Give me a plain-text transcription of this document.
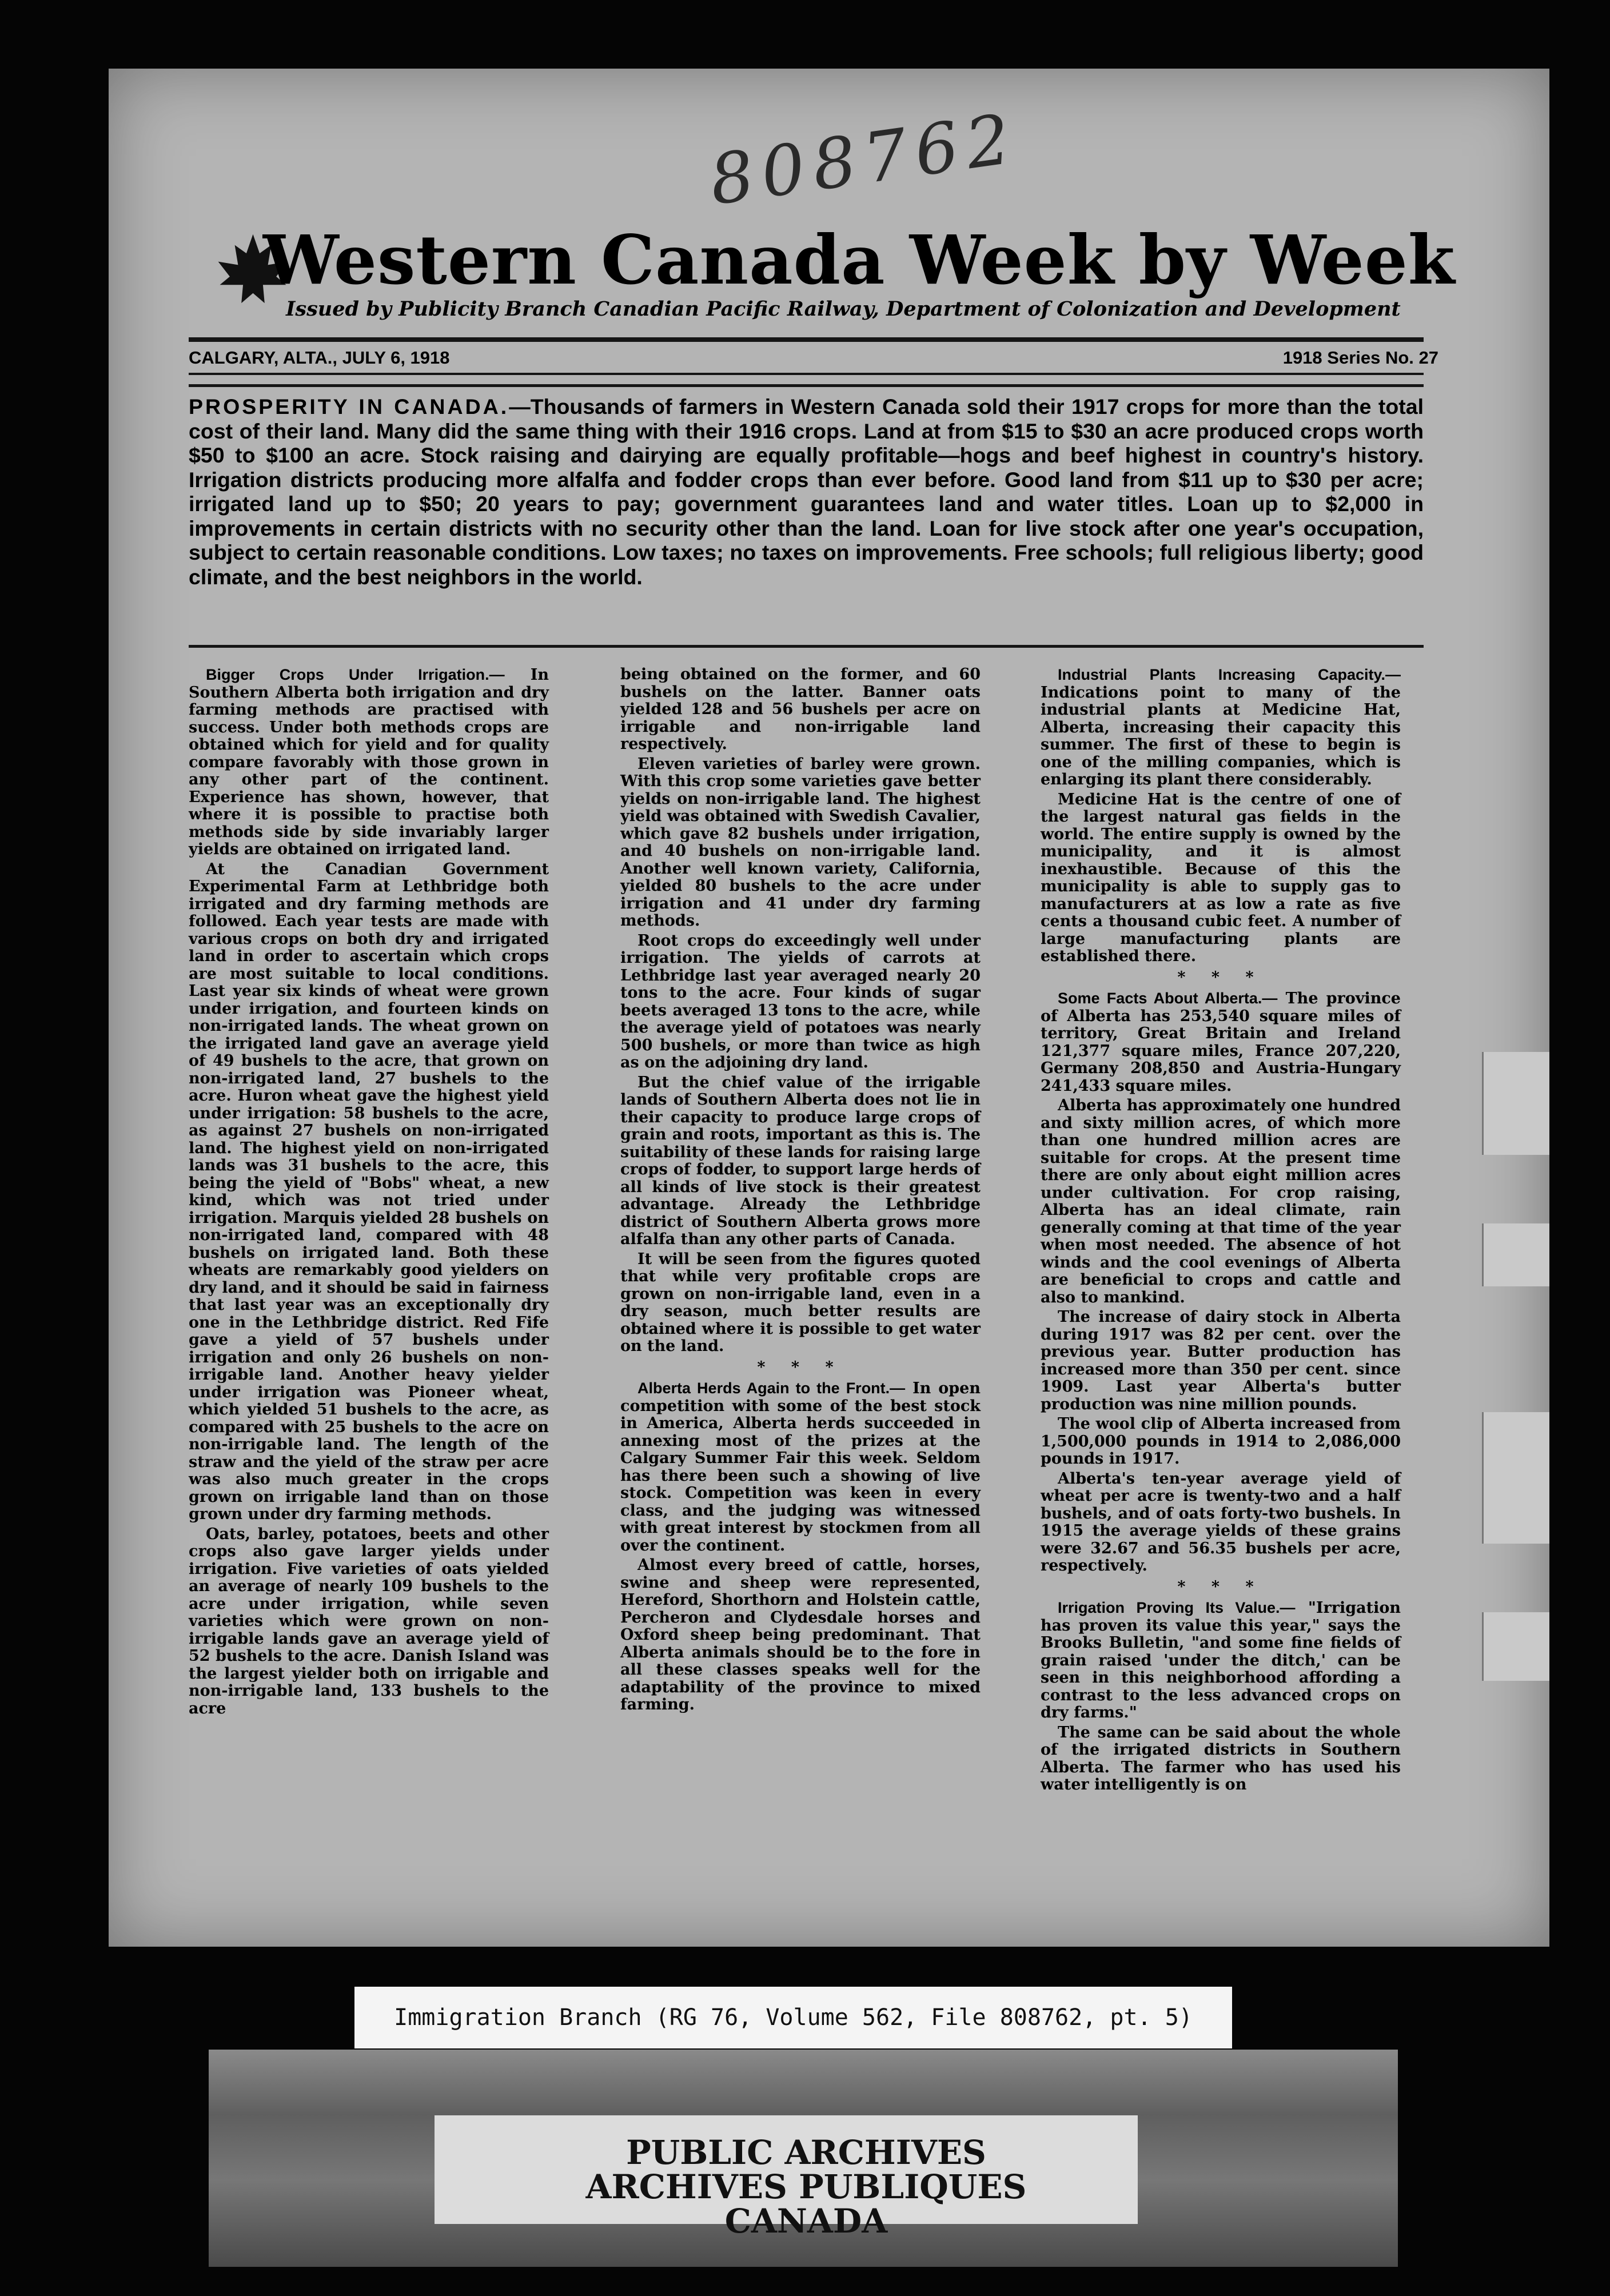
808762
Western Canada Week by Week
Issued by Publicity Branch Canadian Pacific Railway, Department of Colonization and Development
CALGARY, ALTA., JULY 6, 1918	1918 Series No. 27
PROSPERITY IN CANADA.—Thousands of farmers in Western Canada sold their 1917 crops for more than the total cost of their land. Many did the same thing with their 1916 crops. Land at from $15 to $30 an acre produced crops worth $50 to $100 an acre. Stock raising and dairying are equally profitable—hogs and beef highest in country's history. Irrigation districts producing more alfalfa and fodder crops than ever before. Good land from $11 up to $30 per acre; irrigated land up to $50; 20 years to pay; government guarantees land and water titles. Loan up to $2,000 in improvements in certain districts with no security other than the land. Loan for live stock after one year's occupation, subject to certain reasonable conditions. Low taxes; no taxes on improvements. Free schools; full religious liberty; good climate, and the best neighbors in the world.

Bigger Crops Under Irrigation.— In Southern Alberta both irrigation and dry farming methods are practised with success. Under both methods crops are obtained which for yield and for quality compare favorably with those grown in any other part of the continent. Experience has shown, however, that where it is possible to practise both methods side by side invariably larger yields are obtained on irrigated land.

At the Canadian Government Experimental Farm at Lethbridge both irrigated and dry farming methods are followed. Each year tests are made with various crops on both dry and irrigated land in order to ascertain which crops are most suitable to local conditions. Last year six kinds of wheat were grown under irrigation, and fourteen kinds on non-irrigated lands. The wheat grown on the irrigated land gave an average yield of 49 bushels to the acre, that grown on non-irrigated land, 27 bushels to the acre. Huron wheat gave the highest yield under irrigation: 58 bushels to the acre, as against 27 bushels on non-irrigated land. The highest yield on non-irrigated lands was 31 bushels to the acre, this being the yield of "Bobs" wheat, a new kind, which was not tried under irrigation. Marquis yielded 28 bushels on non-irrigated land, compared with 48 bushels on irrigated land. Both these wheats are remarkably good yielders on dry land, and it should be said in fairness that last year was an exceptionally dry one in the Lethbridge district. Red Fife gave a yield of 57 bushels under irrigation and only 26 bushels on non-irrigable land. Another heavy yielder under irrigation was Pioneer wheat, which yielded 51 bushels to the acre, as compared with 25 bushels to the acre on non-irrigable land. The length of the straw and the yield of the straw per acre was also much greater in the crops grown on irrigable land than on those grown under dry farming methods.

Oats, barley, potatoes, beets and other crops also gave larger yields under irrigation. Five varieties of oats yielded an average of nearly 109 bushels to the acre under irrigation, while seven varieties which were grown on non-irrigable lands gave an average yield of 52 bushels to the acre. Danish Island was the largest yielder both on irrigable and non-irrigable land, 133 bushels to the acre

being obtained on the former, and 60 bushels on the latter. Banner oats yielded 128 and 56 bushels per acre on irrigable and non-irrigable land respectively.

Eleven varieties of barley were grown. With this crop some varieties gave better yields on non-irrigable land. The highest yield was obtained with Swedish Cavalier, which gave 82 bushels under irrigation, and 40 bushels on non-irrigable land. Another well known variety, California, yielded 80 bushels to the acre under irrigation and 41 under dry farming methods.

Root crops do exceedingly well under irrigation. The yields of carrots at Lethbridge last year averaged nearly 20 tons to the acre. Four kinds of sugar beets averaged 13 tons to the acre, while the average yield of potatoes was nearly 500 bushels, or more than twice as high as on the adjoining dry land.

But the chief value of the irrigable lands of Southern Alberta does not lie in their capacity to produce large crops of grain and roots, important as this is. The suitability of these lands for raising large crops of fodder, to support large herds of all kinds of live stock is their greatest advantage. Already the Lethbridge district of Southern Alberta grows more alfalfa than any other parts of Canada.

It will be seen from the figures quoted that while very profitable crops are grown on non-irrigable land, even in a dry season, much better results are obtained where it is possible to get water on the land.

* * *

Alberta Herds Again to the Front.— In open competition with some of the best stock in America, Alberta herds succeeded in annexing most of the prizes at the Calgary Summer Fair this week. Seldom has there been such a showing of live stock. Competition was keen in every class, and the judging was witnessed with great interest by stockmen from all over the continent.

Almost every breed of cattle, horses, swine and sheep were represented, Hereford, Shorthorn and Holstein cattle, Percheron and Clydesdale horses and Oxford sheep being predominant. That Alberta animals should be to the fore in all these classes speaks well for the adaptability of the province to mixed farming.

Industrial Plants Increasing Capacity.— Indications point to many of the industrial plants at Medicine Hat, Alberta, increasing their capacity this summer. The first of these to begin is one of the milling companies, which is enlarging its plant there considerably.

Medicine Hat is the centre of one of the largest natural gas fields in the world. The entire supply is owned by the municipality, and it is almost inexhaustible. Because of this the municipality is able to supply gas to manufacturers at as low a rate as five cents a thousand cubic feet. A number of large manufacturing plants are established there.

* * *

Some Facts About Alberta.— The province of Alberta has 253,540 square miles of territory, Great Britain and Ireland 121,377 square miles, France 207,220, Germany 208,850 and Austria-Hungary 241,433 square miles.

Alberta has approximately one hundred and sixty million acres, of which more than one hundred million acres are suitable for crops. At the present time there are only about eight million acres under cultivation. For crop raising, Alberta has an ideal climate, rain generally coming at that time of the year when most needed. The absence of hot winds and the cool evenings of Alberta are beneficial to crops and cattle and also to mankind.

The increase of dairy stock in Alberta during 1917 was 82 per cent. over the previous year. Butter production has increased more than 350 per cent. since 1909. Last year Alberta's butter production was nine million pounds.

The wool clip of Alberta increased from 1,500,000 pounds in 1914 to 2,086,000 pounds in 1917.

Alberta's ten-year average yield of wheat per acre is twenty-two and a half bushels, and of oats forty-two bushels. In 1915 the average yields of these grains were 32.67 and 56.35 bushels per acre, respectively.

* * *

Irrigation Proving Its Value.— "Irrigation has proven its value this year," says the Brooks Bulletin, "and some fine fields of grain raised 'under the ditch,' can be seen in this neighborhood affording a contrast to the less advanced crops on dry farms."

The same can be said about the whole of the irrigated districts in Southern Alberta. The farmer who has used his water intelligently is on

Immigration Branch (RG 76, Volume 562, File 808762, pt. 5)
PUBLIC ARCHIVES
ARCHIVES PUBLIQUES
CANADA
